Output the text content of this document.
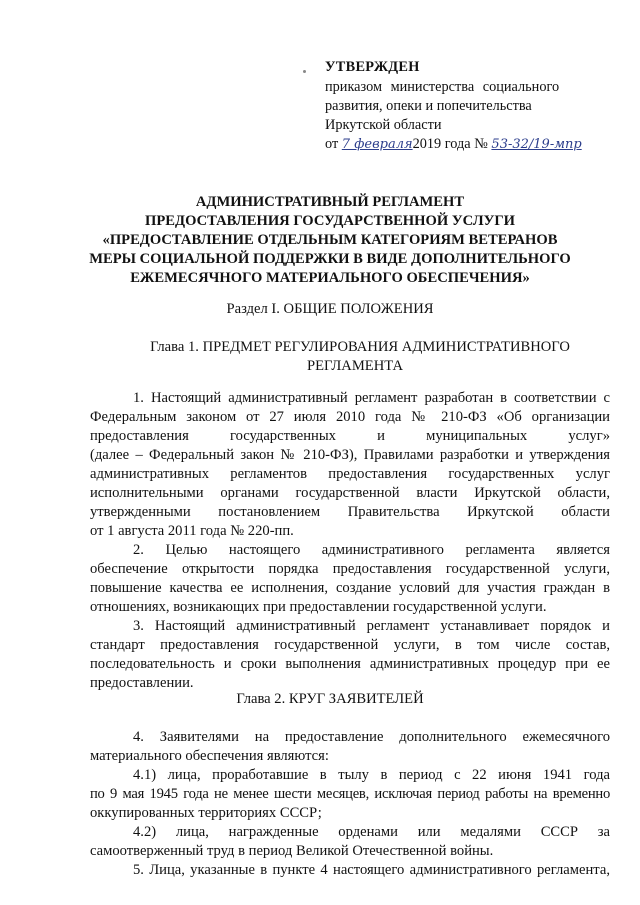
УТВЕРЖДЕН
приказом министерства социального
развития, опеки и попечительства
Иркутской области
от 7 февраля2019 года № 53-32/19-мпр
АДМИНИСТРАТИВНЫЙ РЕГЛАМЕНТ
ПРЕДОСТАВЛЕНИЯ ГОСУДАРСТВЕННОЙ УСЛУГИ
«ПРЕДОСТАВЛЕНИЕ ОТДЕЛЬНЫМ КАТЕГОРИЯМ ВЕТЕРАНОВ
МЕРЫ СОЦИАЛЬНОЙ ПОДДЕРЖКИ В ВИДЕ ДОПОЛНИТЕЛЬНОГО
ЕЖЕМЕСЯЧНОГО МАТЕРИАЛЬНОГО ОБЕСПЕЧЕНИЯ»
Раздел I. ОБЩИЕ ПОЛОЖЕНИЯ
Глава 1. ПРЕДМЕТ РЕГУЛИРОВАНИЯ АДМИНИСТРАТИВНОГО
РЕГЛАМЕНТА

1. Настоящий административный регламент разработан в соответствии с

Федеральным законом от 27 июля 2010 года № 210-ФЗ «Об организации

предоставления государственных и муниципальных услуг»

(далее – Федеральный закон № 210-ФЗ), Правилами разработки и утверждения

административных регламентов предоставления государственных услуг

исполнительными органами государственной власти Иркутской области,

утвержденными постановлением Правительства Иркутской области

от 1 августа 2011 года № 220-пп.

2. Целью настоящего административного регламента является

обеспечение открытости порядка предоставления государственной услуги,

повышение качества ее исполнения, создание условий для участия граждан в

отношениях, возникающих при предоставлении государственной услуги.

3. Настоящий административный регламент устанавливает порядок и

стандарт предоставления государственной услуги, в том числе состав,

последовательность и сроки выполнения административных процедур при ее

предоставлении.

Глава 2. КРУГ ЗАЯВИТЕЛЕЙ

4. Заявителями на предоставление дополнительного ежемесячного

материального обеспечения являются:

4.1) лица, проработавшие в тылу в период с 22 июня 1941 года

по 9 мая 1945 года не менее шести месяцев, исключая период работы на временно

оккупированных территориях СССР;

4.2) лица, награжденные орденами или медалями СССР за

самоотверженный труд в период Великой Отечественной войны.

5. Лица, указанные в пункте 4 настоящего административного регламента,
